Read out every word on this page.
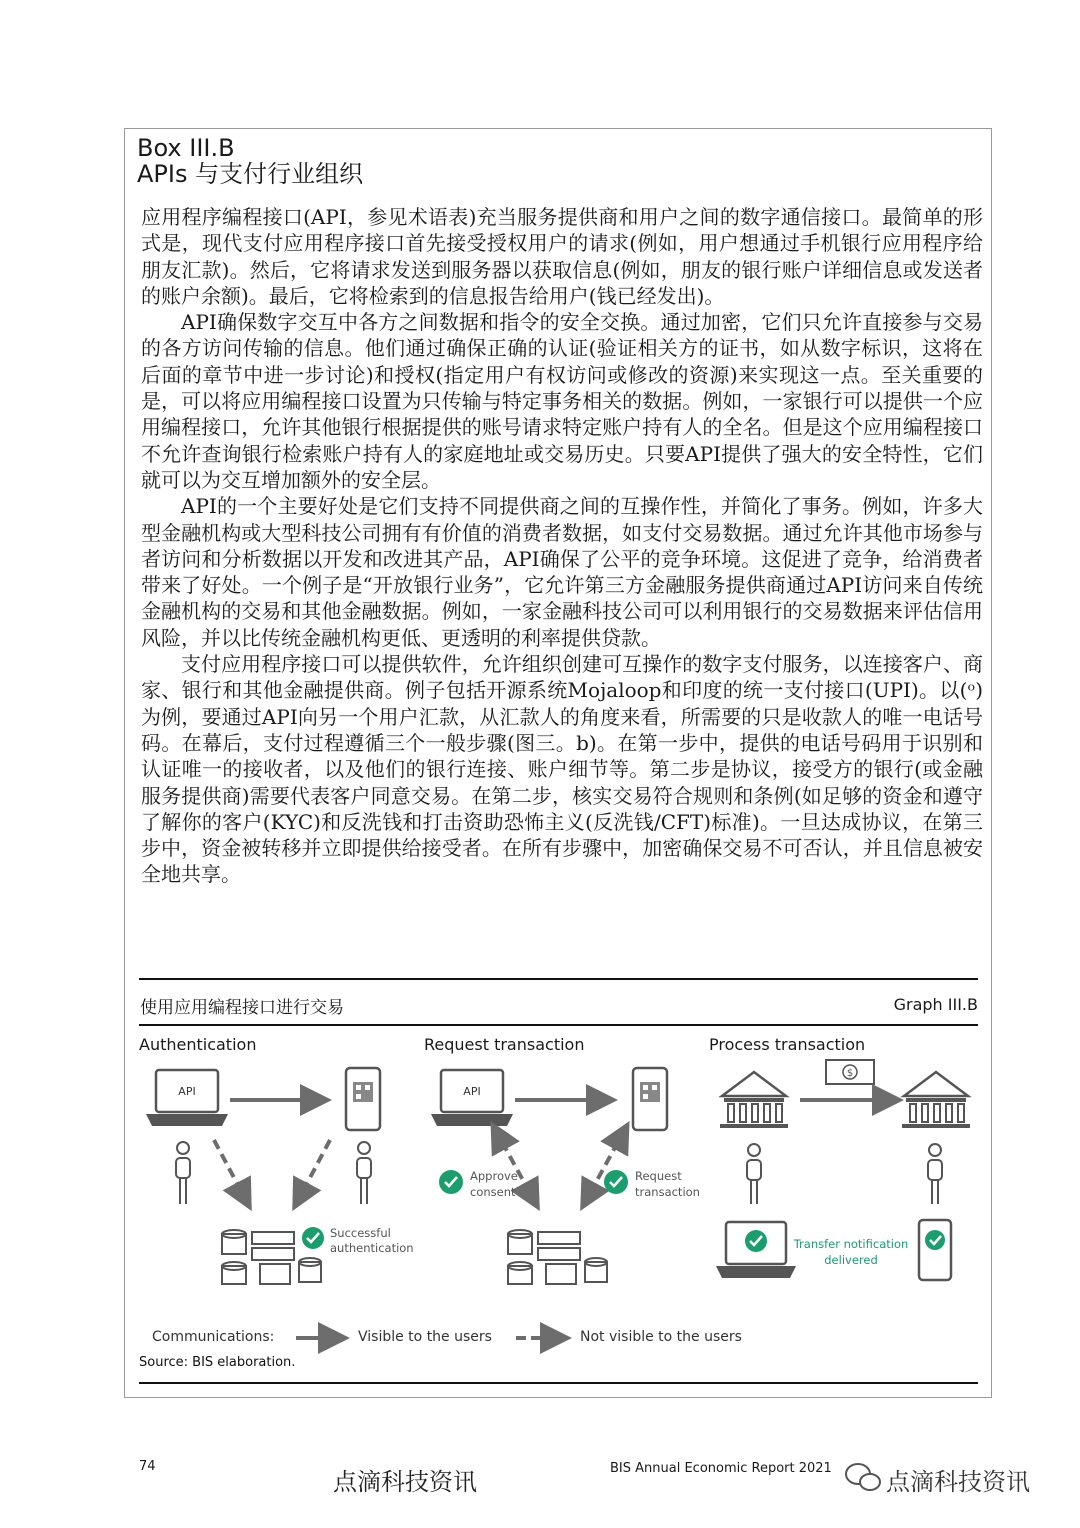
Box III.B
APIs 与支付行业组织

应用程序编程接口(API，参见术语表)充当服务提供商和用户之间的数字通信接口。最简单的形式是，现代支付应用程序接口首先接受授权用户的请求(例如，用户想通过手机银行应用程序给朋友汇款)。然后，它将请求发送到服务器以获取信息(例如，朋友的银行账户详细信息或发送者的账户余额)。最后，它将检索到的信息报告给用户(钱已经发出)。

API确保数字交互中各方之间数据和指令的安全交换。通过加密，它们只允许直接参与交易的各方访问传输的信息。他们通过确保正确的认证(验证相关方的证书，如从数字标识，这将在后面的章节中进一步讨论)和授权(指定用户有权访问或修改的资源)来实现这一点。至关重要的是，可以将应用编程接口设置为只传输与特定事务相关的数据。例如，一家银行可以提供一个应用编程接口，允许其他银行根据提供的账号请求特定账户持有人的全名。但是这个应用编程接口不允许查询银行检索账户持有人的家庭地址或交易历史。只要API提供了强大的安全特性，它们就可以为交互增加额外的安全层。

API的一个主要好处是它们支持不同提供商之间的互操作性，并简化了事务。例如，许多大型金融机构或大型科技公司拥有有价值的消费者数据，如支付交易数据。通过允许其他市场参与者访问和分析数据以开发和改进其产品，API确保了公平的竞争环境。这促进了竞争，给消费者带来了好处。一个例子是“开放银行业务”，它允许第三方金融服务提供商通过API访问来自传统金融机构的交易和其他金融数据。例如，一家金融科技公司可以利用银行的交易数据来评估信用风险，并以比传统金融机构更低、更透明的利率提供贷款。

支付应用程序接口可以提供软件，允许组织创建可互操作的数字支付服务，以连接客户、商家、银行和其他金融提供商。例子包括开源系统Mojaloop和印度的统一支付接口(UPI)。以(ᵒ)为例，要通过API向另一个用户汇款，从汇款人的角度来看，所需要的只是收款人的唯一电话号码。在幕后，支付过程遵循三个一般步骤(图三。b)。在第一步中，提供的电话号码用于识别和认证唯一的接收者，以及他们的银行连接、账户细节等。第二步是协议，接受方的银行(或金融服务提供商)需要代表客户同意交易。在第二步，核实交易符合规则和条例(如足够的资金和遵守了解你的客户(KYC)和反洗钱和打击资助恐怖主义(反洗钱/CFT)标准)。一旦达成协议，在第三步中，资金被转移并立即提供给接受者。在所有步骤中，加密确保交易不可否认，并且信息被安全地共享。

使用应用编程接口进行交易	Graph III.B
Authentication	Request transaction	Process transaction
API
Successful
authentication
API
Approve
consent
Request
transaction
$
Transfer notification
delivered
Communications:	Visible to the users	Not visible to the users
Source: BIS elaboration.
74	BIS Annual Economic Report 2021
点滴科技资讯	点滴科技资讯
